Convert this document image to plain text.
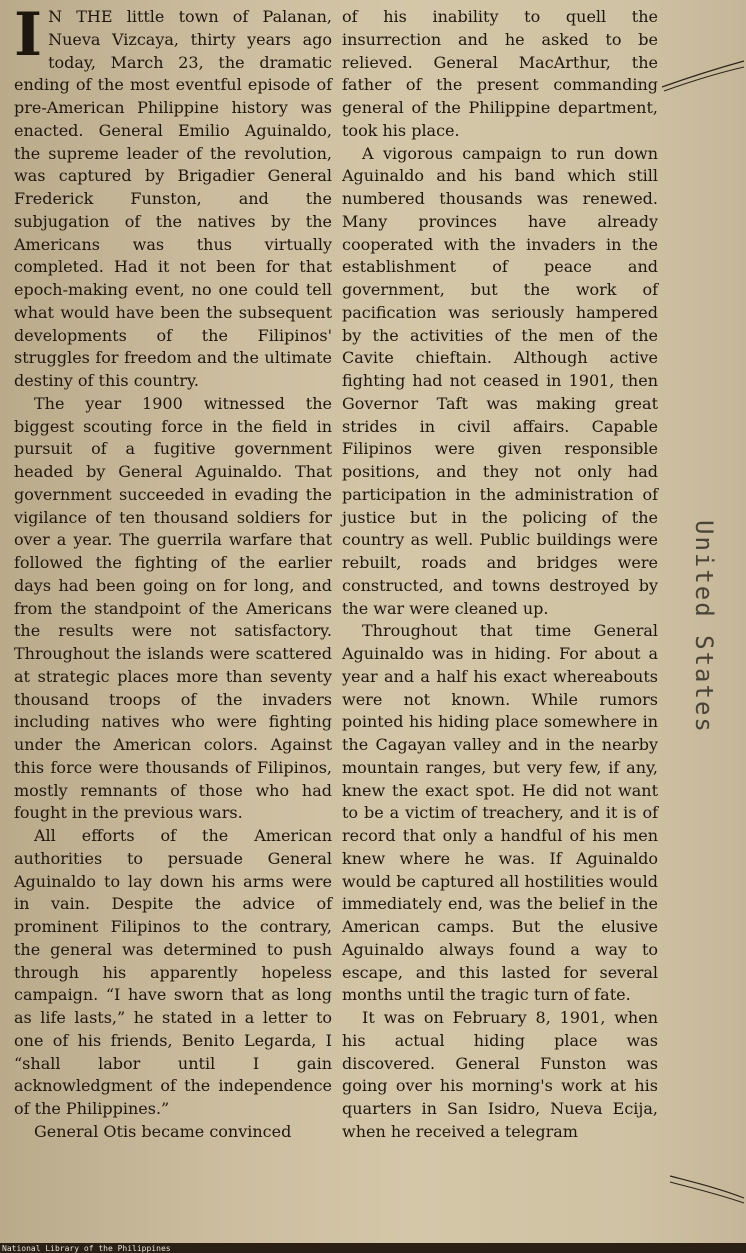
I N THE little town of Palanan, Nueva Vizcaya, thirty years ago today, March 23, the dramatic ending of the most eventful episode of pre-American Philippine history was enacted. General Emilio Aguinaldo, the supreme leader of the revolution, was captured by Brigadier General Frederick Funston, and the subjugation of the natives by the Americans was thus virtually completed. Had it not been for that epoch-making event, no one could tell what would have been the subsequent developments of the Filipinos' struggles for freedom and the ultimate destiny of this country.

The year 1900 witnessed the biggest scouting force in the field in pursuit of a fugitive government headed by General Aguinaldo. That government succeeded in evading the vigilance of ten thousand soldiers for over a year. The guerrila warfare that followed the fighting of the earlier days had been going on for long, and from the standpoint of the Americans the results were not satisfactory. Throughout the islands were scattered at strategic places more than seventy thousand troops of the invaders including natives who were fighting under the American colors. Against this force were thousands of Filipinos, mostly remnants of those who had fought in the previous wars.

All efforts of the American authorities to persuade General Aguinaldo to lay down his arms were in vain. Despite the advice of prominent Filipinos to the contrary, the general was determined to push through his apparently hopeless campaign. “I have sworn that as long as life lasts,” he stated in a letter to one of his friends, Benito Legarda, I “shall labor until I gain acknowledgment of the independence of the Philippines.”

General Otis became convinced

of his inability to quell the insurrection and he asked to be relieved. General MacArthur, the father of the present commanding general of the Philippine department, took his place.

A vigorous campaign to run down Aguinaldo and his band which still numbered thousands was renewed. Many provinces have already cooperated with the invaders in the establishment of peace and government, but the work of pacification was seriously hampered by the activities of the men of the Cavite chieftain. Although active fighting had not ceased in 1901, then Governor Taft was making great strides in civil affairs. Capable Filipinos were given responsible positions, and they not only had participation in the administration of justice but in the policing of the country as well. Public buildings were rebuilt, roads and bridges were constructed, and towns destroyed by the war were cleaned up.

Throughout that time General Aguinaldo was in hiding. For about a year and a half his exact whereabouts were not known. While rumors pointed his hiding place somewhere in the Cagayan valley and in the nearby mountain ranges, but very few, if any, knew the exact spot. He did not want to be a victim of treachery, and it is of record that only a handful of his men knew where he was. If Aguinaldo would be captured all hostilities would immediately end, was the belief in the American camps. But the elusive Aguinaldo always found a way to escape, and this lasted for several months until the tragic turn of fate.

It was on February 8, 1901, when his actual hiding place was discovered. General Funston was going over his morning's work at his quarters in San Isidro, Nueva Ecija, when he received a telegram

United States
National Library of the Philippines
